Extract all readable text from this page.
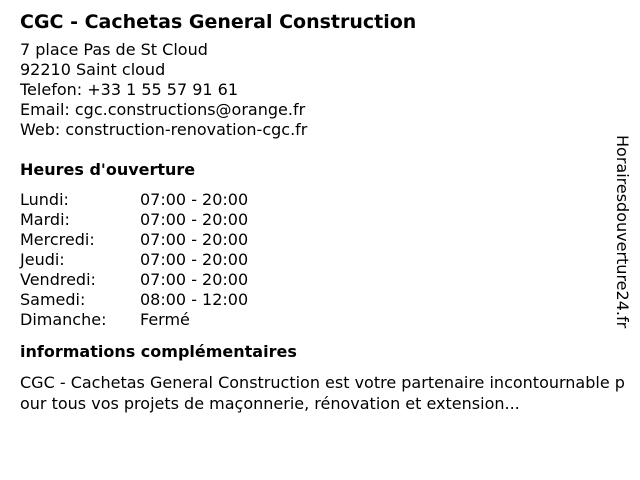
CGC - Cachetas General Construction
7 place Pas de St Cloud
92210 Saint cloud
Telefon: +33 1 55 57 91 61
Email: cgc.constructions@orange.fr
Web: construction-renovation-cgc.fr
Heures d'ouverture
Lundi:	07:00 - 20:00
Mardi:	07:00 - 20:00
Mercredi:	07:00 - 20:00
Jeudi:	07:00 - 20:00
Vendredi:	07:00 - 20:00
Samedi:	08:00 - 12:00
Dimanche:	Fermé
informations complémentaires
CGC - Cachetas General Construction est votre partenaire incontournable pour tous vos projets de maçonnerie, rénovation et extension...
Horairesdouverture24.fr
